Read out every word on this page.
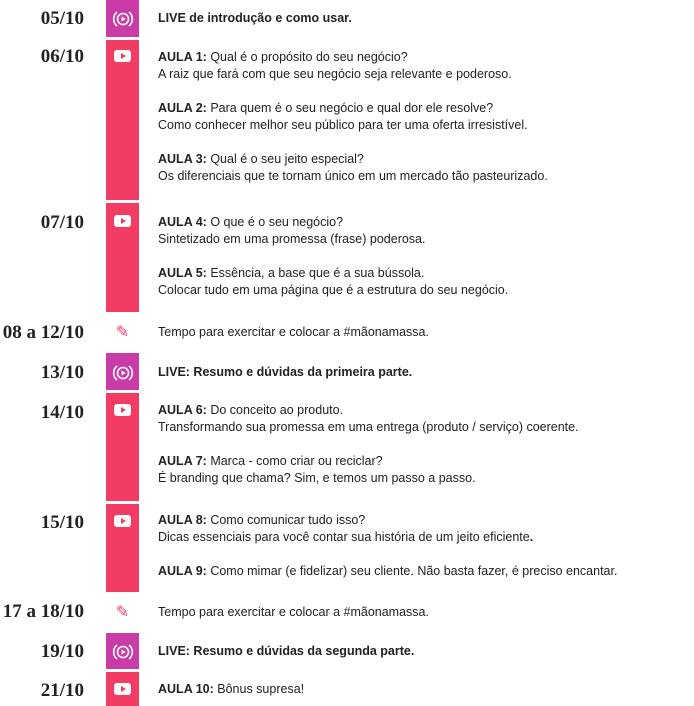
05/10	LIVE de introdução e como usar.
06/10	AULA 1: Qual é o propósito do seu negócio?
A raiz que fará com que seu negócio seja relevante e poderoso.
AULA 2: Para quem é o seu negócio e qual dor ele resolve?
Como conhecer melhor seu público para ter uma oferta irresistível.
AULA 3: Qual é o seu jeito especial?
Os diferenciais que te tornam único em um mercado tão pasteurizado.
07/10	AULA 4: O que é o seu negócio?
Sintetizado em uma promessa (frase) poderosa.
AULA 5: Essência, a base que é a sua bússola.
Colocar tudo em uma página que é a estrutura do seu negócio.
08 a 12/10 ✎ Tempo para exercitar e colocar a #mãonamassa.
13/10	LIVE: Resumo e dúvidas da primeira parte.
14/10	AULA 6: Do conceito ao produto.
Transformando sua promessa em uma entrega (produto / serviço) coerente.
AULA 7: Marca - como criar ou reciclar?
É branding que chama? Sim, e temos um passo a passo.
15/10	AULA 8: Como comunicar tudo isso?
Dicas essenciais para você contar sua história de um jeito eficiente.
AULA 9: Como mimar (e fidelizar) seu cliente. Não basta fazer, é preciso encantar.
17 a 18/10 ✎ Tempo para exercitar e colocar a #mãonamassa.
19/10	LIVE: Resumo e dúvidas da segunda parte.
21/10	AULA 10: Bônus supresa!
